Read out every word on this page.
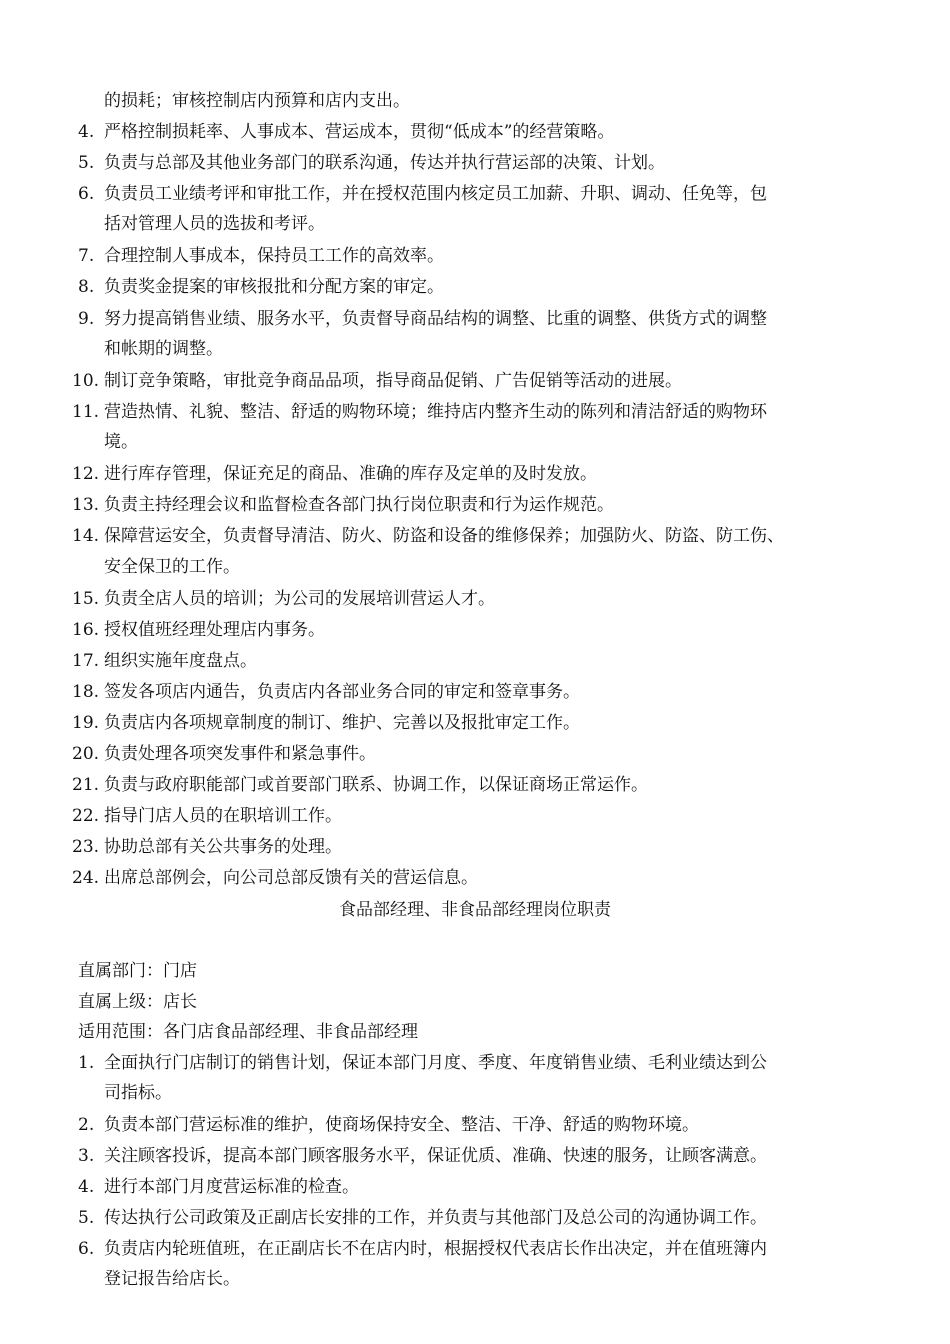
的损耗；审核控制店内预算和店内支出。
4. 严格控制损耗率、人事成本、营运成本，贯彻“低成本”的经营策略。
5. 负责与总部及其他业务部门的联系沟通，传达并执行营运部的决策、计划。
6. 负责员工业绩考评和审批工作，并在授权范围内核定员工加薪、升职、调动、任免等，包
括对管理人员的选拔和考评。
7. 合理控制人事成本，保持员工工作的高效率。
8. 负责奖金提案的审核报批和分配方案的审定。
9. 努力提高销售业绩、服务水平，负责督导商品结构的调整、比重的调整、供货方式的调整
和帐期的调整。
10. 制订竞争策略，审批竞争商品品项，指导商品促销、广告促销等活动的进展。
11. 营造热情、礼貌、整洁、舒适的购物环境；维持店内整齐生动的陈列和清洁舒适的购物环
境。
12. 进行库存管理，保证充足的商品、准确的库存及定单的及时发放。
13. 负责主持经理会议和监督检查各部门执行岗位职责和行为运作规范。
14. 保障营运安全，负责督导清洁、防火、防盗和设备的维修保养；加强防火、防盗、防工伤、
安全保卫的工作。
15. 负责全店人员的培训；为公司的发展培训营运人才。
16. 授权值班经理处理店内事务。
17. 组织实施年度盘点。
18. 签发各项店内通告，负责店内各部业务合同的审定和签章事务。
19. 负责店内各项规章制度的制订、维护、完善以及报批审定工作。
20. 负责处理各项突发事件和紧急事件。
21. 负责与政府职能部门或首要部门联系、协调工作，以保证商场正常运作。
22. 指导门店人员的在职培训工作。
23. 协助总部有关公共事务的处理。
24. 出席总部例会，向公司总部反馈有关的营运信息。
食品部经理、非食品部经理岗位职责
直属部门：门店
直属上级：店长
适用范围：各门店食品部经理、非食品部经理
1. 全面执行门店制订的销售计划，保证本部门月度、季度、年度销售业绩、毛利业绩达到公
司指标。
2. 负责本部门营运标准的维护，使商场保持安全、整洁、干净、舒适的购物环境。
3. 关注顾客投诉，提高本部门顾客服务水平，保证优质、准确、快速的服务，让顾客满意。
4. 进行本部门月度营运标准的检查。
5. 传达执行公司政策及正副店长安排的工作，并负责与其他部门及总公司的沟通协调工作。
6. 负责店内轮班值班，在正副店长不在店内时，根据授权代表店长作出决定，并在值班簿内
登记报告给店长。
